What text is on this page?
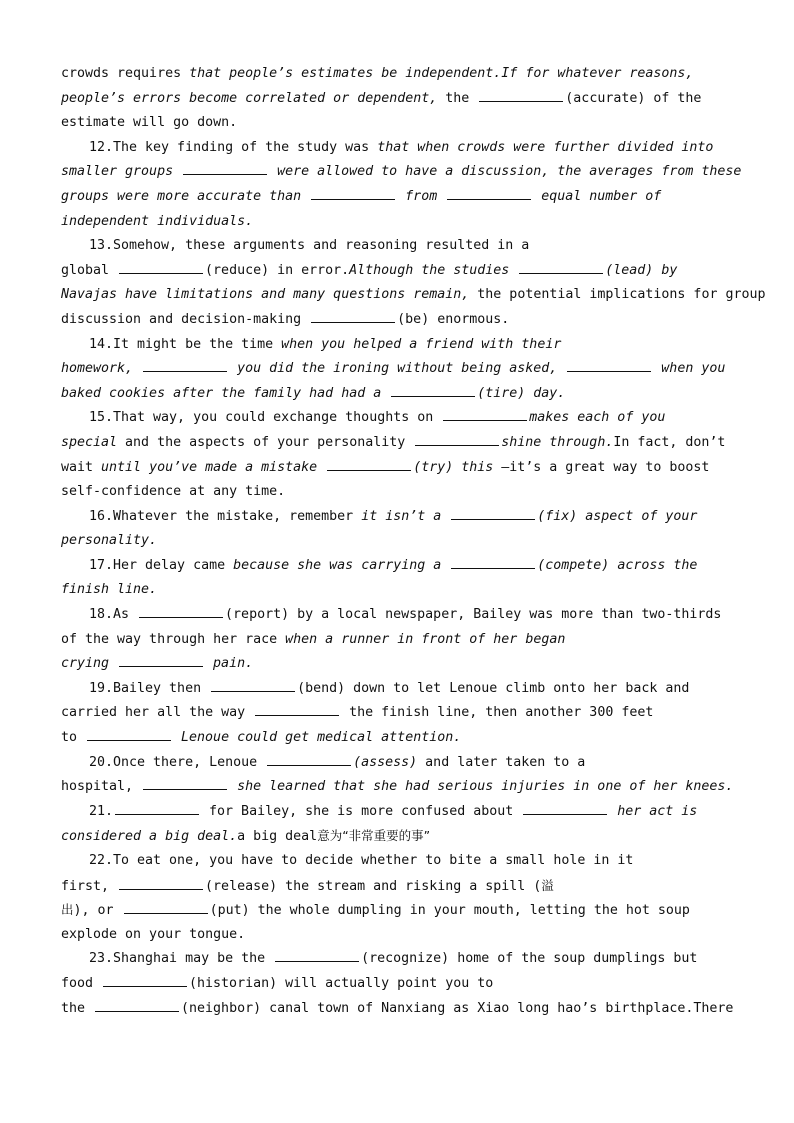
crowds requires that people’s estimates be independent.If for whatever reasons,
people’s errors become correlated or dependent, the	(accurate) of the
estimate will go down.
12.The key finding of the study was that when crowds were further divided into
smaller groups	were allowed to have a discussion, the averages from these
groups were more accurate than	from	equal number of
independent individuals.
13.Somehow, these arguments and reasoning resulted in a
global	(reduce) in error.Although the studies	(lead) by
Navajas have limitations and many questions remain, the potential implications for group
discussion and decision-making	(be) enormous.
14.It might be the time when you helped a friend with their
homework,	you did the ironing without being asked,	when you
baked cookies after the family had had a	(tire) day.
15.That way, you could exchange thoughts on	makes each of you
special and the aspects of your personality	shine through.In fact, don’t
wait until you’ve made a mistake	(try) this —it’s a great way to boost
self-confidence at any time.
16.Whatever the mistake, remember it isn’t a	(fix) aspect of your
personality.
17.Her delay came because she was carrying a	(compete) across the
finish line.
18.As	(report) by a local newspaper, Bailey was more than two-thirds
of the way through her race when a runner in front of her began
crying	pain.
19.Bailey then	(bend) down to let Lenoue climb onto her back and
carried her all the way	the finish line, then another 300 feet
to	Lenoue could get medical attention.
20.Once there, Lenoue	(assess) and later taken to a
hospital,	she learned that she had serious injuries in one of her knees.
21.	for Bailey, she is more confused about	her act is
considered a big deal.a big deal意为“非常重要的事”
22.To eat one, you have to decide whether to bite a small hole in it
first,	(release) the stream and risking a spill (溢
出), or	(put) the whole dumpling in your mouth, letting the hot soup
explode on your tongue.
23.Shanghai may be the	(recognize) home of the soup dumplings but
food	(historian) will actually point you to
the	(neighbor) canal town of Nanxiang as Xiao long hao’s birthplace.There
